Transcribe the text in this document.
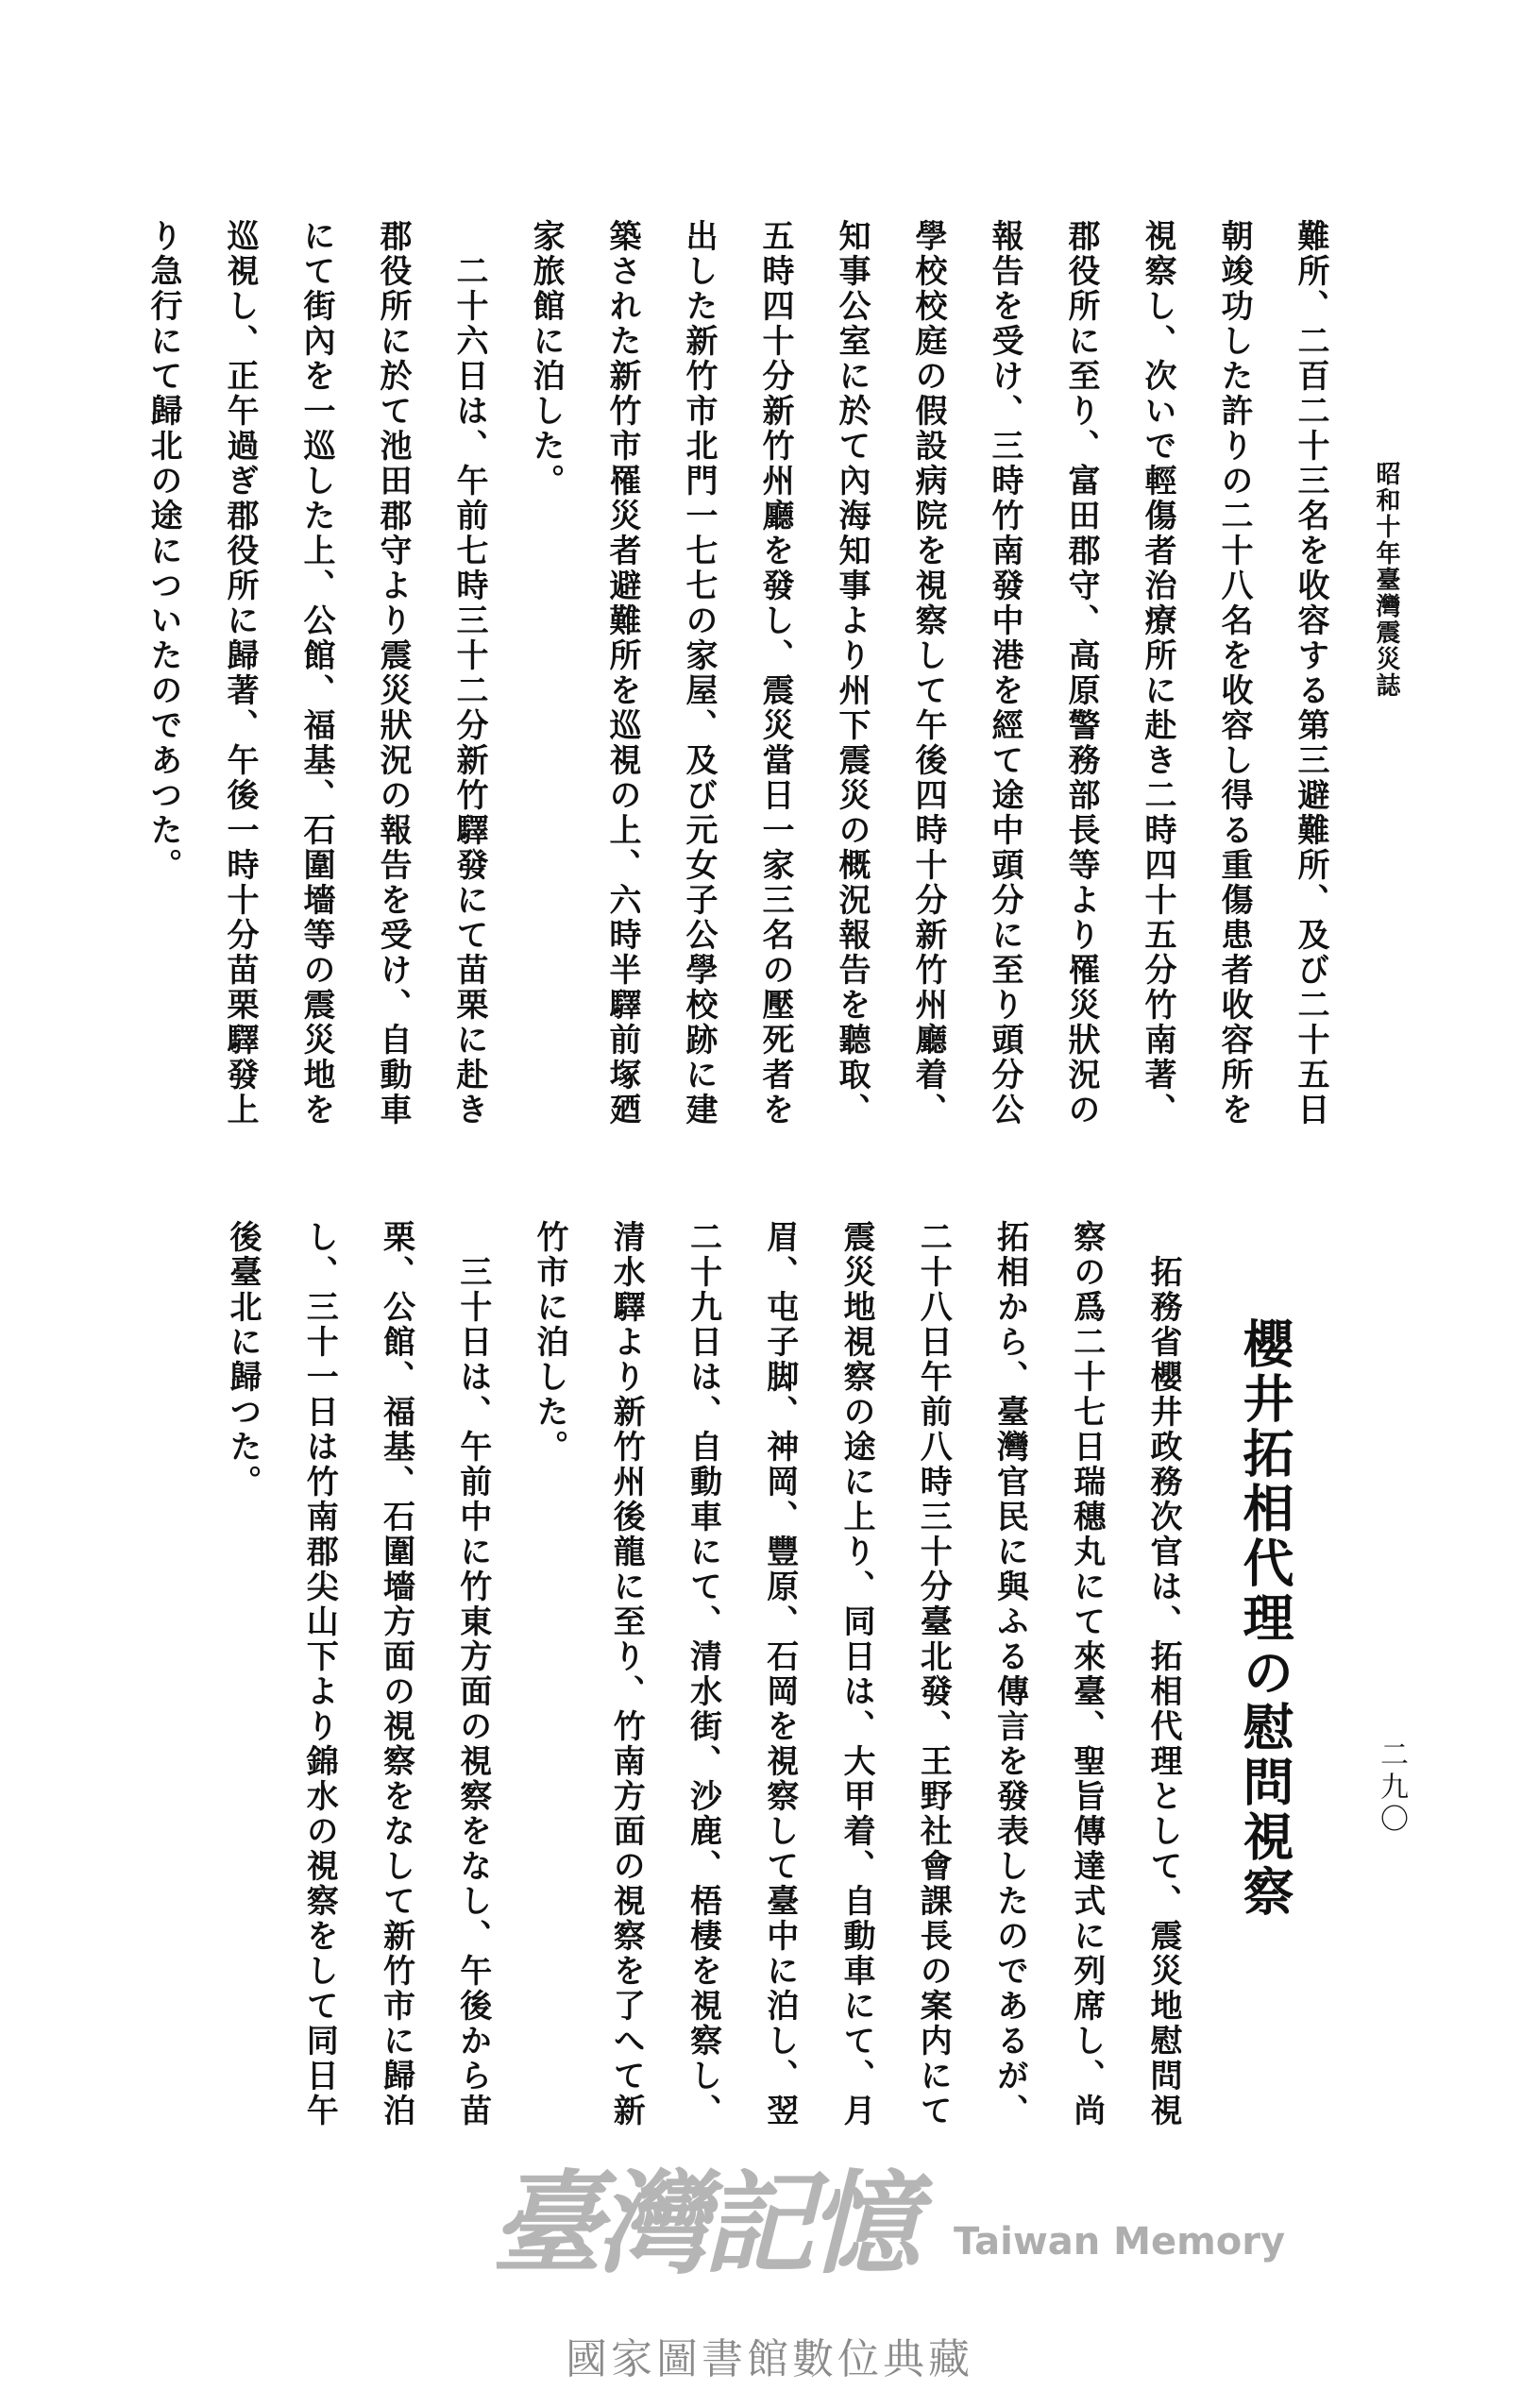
昭和十年臺灣震災誌
二九〇
難所、二百二十三名を收容する第三避難所、及び二十五日
朝竣功した許りの二十八名を收容し得る重傷患者收容所を
視察し、次いで輕傷者治療所に赴き二時四十五分竹南著、
郡役所に至り、富田郡守、高原警務部長等より罹災狀況の
報告を受け、三時竹南發中港を經て途中頭分に至り頭分公
學校校庭の假設病院を視察して午後四時十分新竹州廳着、
知事公室に於て內海知事より州下震災の概況報告を聽取、
五時四十分新竹州廳を發し、震災當日一家三名の壓死者を
出した新竹市北門一七七の家屋、及び元女子公學校跡に建
築された新竹市罹災者避難所を巡視の上、六時半驛前塚廼
家旅館に泊した。
二十六日は、午前七時三十二分新竹驛發にて苗栗に赴き
郡役所に於て池田郡守より震災狀況の報告を受け、自動車
にて街內を一巡した上、公館、福基、石圍墻等の震災地を
巡視し、正午過ぎ郡役所に歸著、午後一時十分苗栗驛發上
り急行にて歸北の途についたのであつた。
櫻井拓相代理の慰問視察
拓務省櫻井政務次官は、拓相代理として、震災地慰問視
察の爲二十七日瑞穗丸にて來臺、聖旨傳達式に列席し、尚
拓相から、臺灣官民に與ふる傳言を發表したのであるが、
二十八日午前八時三十分臺北發、王野社會課長の案内にて
震災地視察の途に上り、同日は、大甲着、自動車にて、月
眉、屯子脚、神岡、豐原、石岡を視察して臺中に泊し、翌
二十九日は、自動車にて、清水街、沙鹿、梧棲を視察し、
清水驛より新竹州後龍に至り、竹南方面の視察を了へて新
竹市に泊した。
三十日は、午前中に竹東方面の視察をなし、午後から苗
栗、公館、福基、石圍墻方面の視察をなして新竹市に歸泊
し、三十一日は竹南郡尖山下より錦水の視察をして同日午
後臺北に歸つた。
臺灣記憶 Taiwan Memory
國家圖書館數位典藏
